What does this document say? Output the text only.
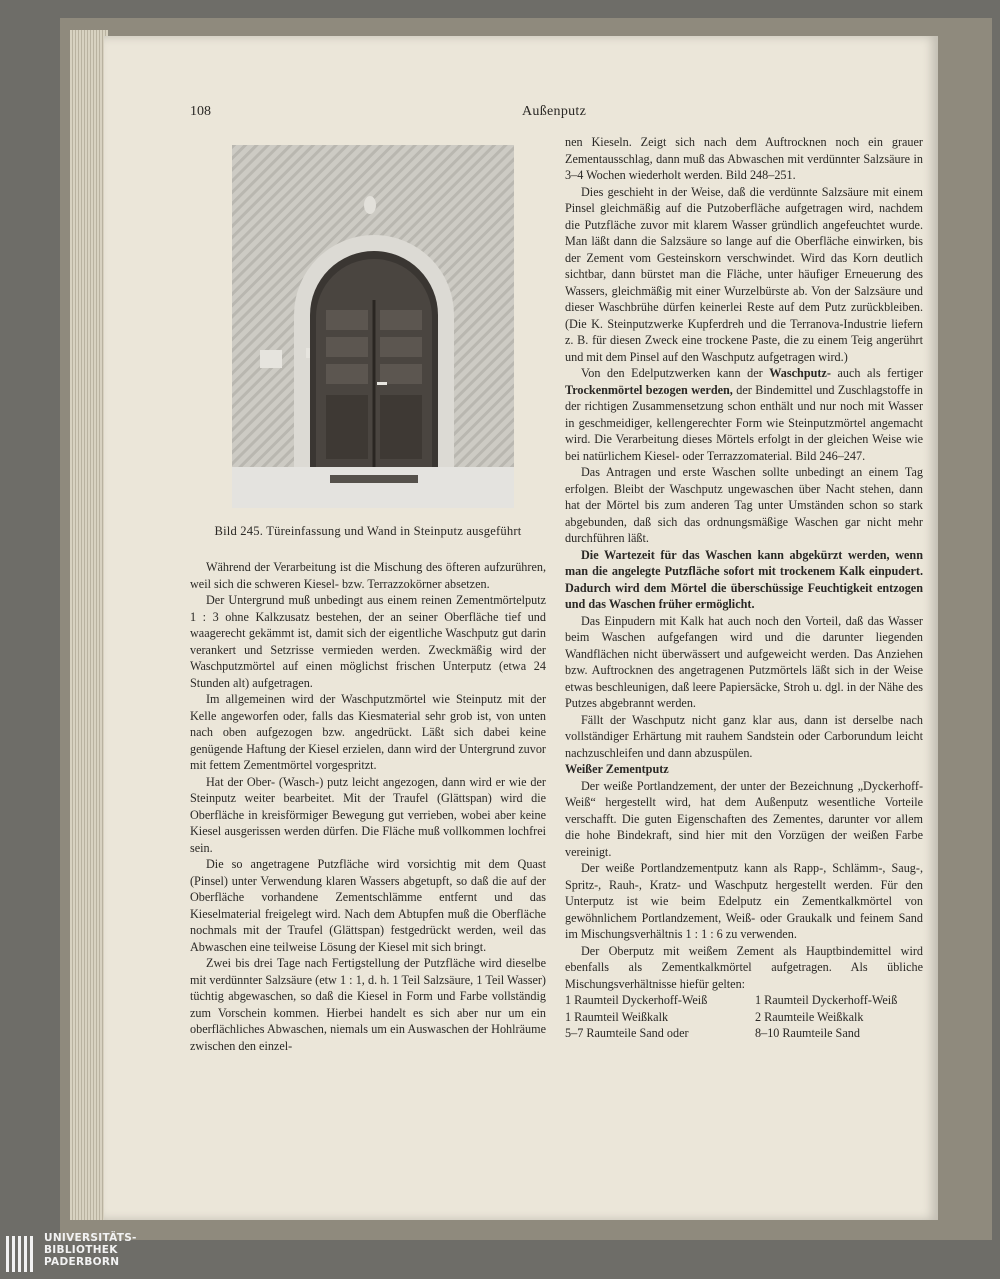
108	Außenputz
Bild 245. Türeinfassung und Wand in Steinputz ausgeführt

Während der Verarbeitung ist die Mischung des öfteren aufzurühren, weil sich die schweren Kiesel- bzw. Terrazzokörner absetzen.

Der Untergrund muß unbedingt aus einem reinen Zementmörtelputz 1 : 3 ohne Kalkzusatz bestehen, der an seiner Oberfläche tief und waagerecht gekämmt ist, damit sich der eigentliche Waschputz gut darin verankert und Setzrisse vermieden werden. Zweckmäßig wird der Waschputzmörtel auf einen möglichst frischen Unterputz (etwa 24 Stunden alt) aufgetragen.

Im allgemeinen wird der Waschputzmörtel wie Steinputz mit der Kelle angeworfen oder, falls das Kiesmaterial sehr grob ist, von unten nach oben aufgezogen bzw. angedrückt. Läßt sich dabei keine genügende Haftung der Kiesel erzielen, dann wird der Untergrund zuvor mit fettem Zementmörtel vorgespritzt.

Hat der Ober- (Wasch-) putz leicht angezogen, dann wird er wie der Steinputz weiter bearbeitet. Mit der Traufel (Glättspan) wird die Oberfläche in kreisförmiger Bewegung gut verrieben, wobei aber keine Kiesel ausgerissen werden dürfen. Die Fläche muß vollkommen lochfrei sein.

Die so angetragene Putzfläche wird vorsichtig mit dem Quast (Pinsel) unter Verwendung klaren Wassers abgetupft, so daß die auf der Oberfläche vorhandene Zementschlämme entfernt und das Kieselmaterial freigelegt wird. Nach dem Abtupfen muß die Oberfläche nochmals mit der Traufel (Glättspan) festgedrückt werden, weil das Abwaschen eine teilweise Lösung der Kiesel mit sich bringt.

Zwei bis drei Tage nach Fertigstellung der Putzfläche wird dieselbe mit verdünnter Salzsäure (etw 1 : 1, d. h. 1 Teil Salzsäure, 1 Teil Wasser) tüchtig abgewaschen, so daß die Kiesel in Form und Farbe vollständig zum Vorschein kommen. Hierbei handelt es sich aber nur um ein oberflächliches Abwaschen, niemals um ein Auswaschen der Hohlräume zwischen den einzel-

nen Kieseln. Zeigt sich nach dem Auftrocknen noch ein grauer Zementausschlag, dann muß das Abwaschen mit verdünnter Salzsäure in 3–4 Wochen wiederholt werden. Bild 248–251.

Dies geschieht in der Weise, daß die verdünnte Salzsäure mit einem Pinsel gleichmäßig auf die Putzoberfläche aufgetragen wird, nachdem die Putzfläche zuvor mit klarem Wasser gründlich angefeuchtet wurde. Man läßt dann die Salzsäure so lange auf die Oberfläche einwirken, bis der Zement vom Gesteinskorn verschwindet. Wird das Korn deutlich sichtbar, dann bürstet man die Fläche, unter häufiger Erneuerung des Wassers, gleichmäßig mit einer Wurzelbürste ab. Von der Salzsäure und dieser Waschbrühe dürfen keinerlei Reste auf dem Putz zurückbleiben. (Die K. Steinputzwerke Kupferdreh und die Terranova-Industrie liefern z. B. für diesen Zweck eine trockene Paste, die zu einem Teig angerührt und mit dem Pinsel auf den Waschputz aufgetragen wird.)

Von den Edelputzwerken kann der Waschputz- auch als fertiger Trockenmörtel bezogen werden, der Bindemittel und Zuschlagstoffe in der richtigen Zusammensetzung schon enthält und nur noch mit Wasser in geschmeidiger, kellengerechter Form wie Steinputzmörtel angemacht wird. Die Verarbeitung dieses Mörtels erfolgt in der gleichen Weise wie bei natürlichem Kiesel- oder Terrazzomaterial. Bild 246–247.

Das Antragen und erste Waschen sollte unbedingt an einem Tag erfolgen. Bleibt der Waschputz ungewaschen über Nacht stehen, dann hat der Mörtel bis zum anderen Tag unter Umständen schon so stark abgebunden, daß sich das ordnungsmäßige Waschen gar nicht mehr durchführen läßt.

Die Wartezeit für das Waschen kann abgekürzt werden, wenn man die angelegte Putzfläche sofort mit trockenem Kalk einpudert. Dadurch wird dem Mörtel die überschüssige Feuchtigkeit entzogen und das Waschen früher ermöglicht.

Das Einpudern mit Kalk hat auch noch den Vorteil, daß das Wasser beim Waschen aufgefangen wird und die darunter liegenden Wandflächen nicht überwässert und aufgeweicht werden. Das Anziehen bzw. Auftrocknen des angetragenen Putzmörtels läßt sich in der Weise etwas beschleunigen, daß leere Papiersäcke, Stroh u. dgl. in der Nähe des Putzes abgebrannt werden.

Fällt der Waschputz nicht ganz klar aus, dann ist derselbe nach vollständiger Erhärtung mit rauhem Sandstein oder Carborundum leicht nachzuschleifen und dann abzuspülen.

Weißer Zementputz

Der weiße Portlandzement, der unter der Bezeichnung „Dyckerhoff-Weiß“ hergestellt wird, hat dem Außenputz wesentliche Vorteile verschafft. Die guten Eigenschaften des Zementes, darunter vor allem die hohe Bindekraft, sind hier mit den Vorzügen der weißen Farbe vereinigt.

Der weiße Portlandzementputz kann als Rapp-, Schlämm-, Saug-, Spritz-, Rauh-, Kratz- und Waschputz hergestellt werden. Für den Unterputz ist wie beim Edelputz ein Zementkalkmörtel von gewöhnlichem Portlandzement, Weiß- oder Graukalk und feinem Sand im Mischungsverhältnis 1 : 1 : 6 zu verwenden.

Der Oberputz mit weißem Zement als Hauptbindemittel wird ebenfalls als Zementkalkmörtel aufgetragen. Als übliche Mischungsverhältnisse hiefür gelten:

1 Raumteil Dyckerhoff-Weiß	1 Raumteil Dyckerhoff-Weiß
1 Raumteil Weißkalk	2 Raumteile Weißkalk
5–7 Raumteile Sand oder	8–10 Raumteile Sand
UNIVERSITÄTS-
BIBLIOTHEK
PADERBORN
